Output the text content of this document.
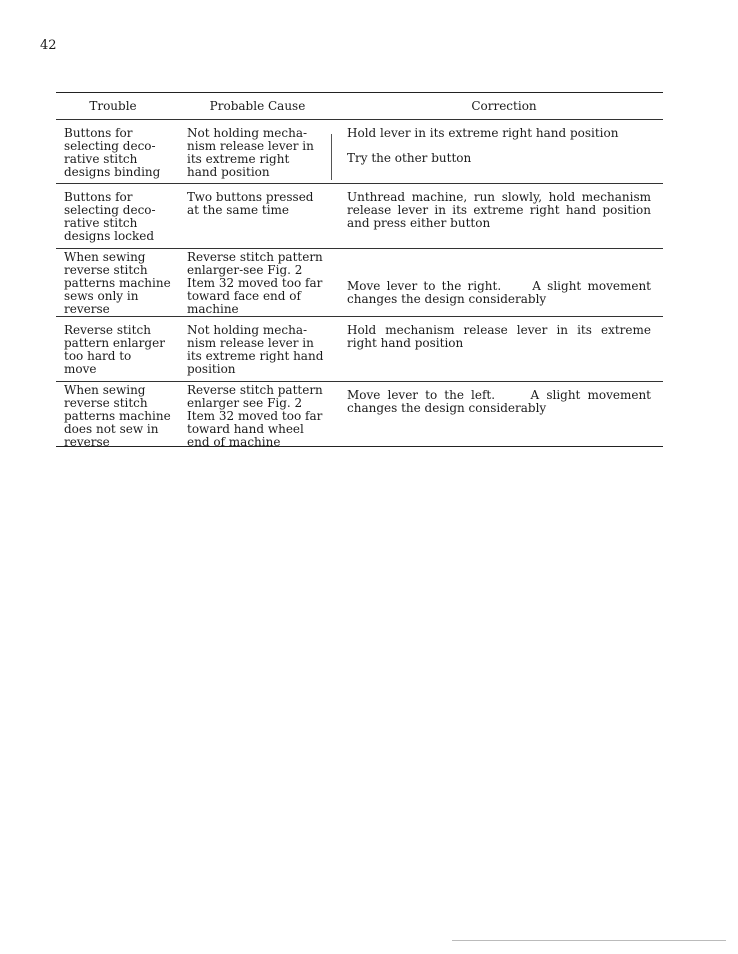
42
Trouble	Probable Cause	Correction
Buttons for
selecting deco-
rative stitch
designs binding
Not holding mecha-
nism release lever in
its extreme right
hand position
Hold lever in its extreme right hand position
Try the other button
Buttons for
selecting deco-
rative stitch
designs locked
Two buttons pressed
at the same time
Unthread machine, run slowly, hold mechanism release lever in its extreme right hand position and press either button
When sewing
reverse stitch
patterns machine
sews only in
reverse
Reverse stitch pattern
enlarger-see Fig. 2
Item 32 moved too far
toward face end of
machine

Move lever to the right.     A slight movement changes the design considerably

Reverse stitch
pattern enlarger
too hard to
move
Not holding mecha-
nism release lever in
its extreme right hand
position
Hold mechanism release lever in its extreme right hand position
When sewing
reverse stitch
patterns machine
does not sew in
reverse
Reverse stitch pattern
enlarger see Fig. 2
Item 32 moved too far
toward hand wheel
end of machine
Move lever to the left.     A slight movement changes the design considerably
